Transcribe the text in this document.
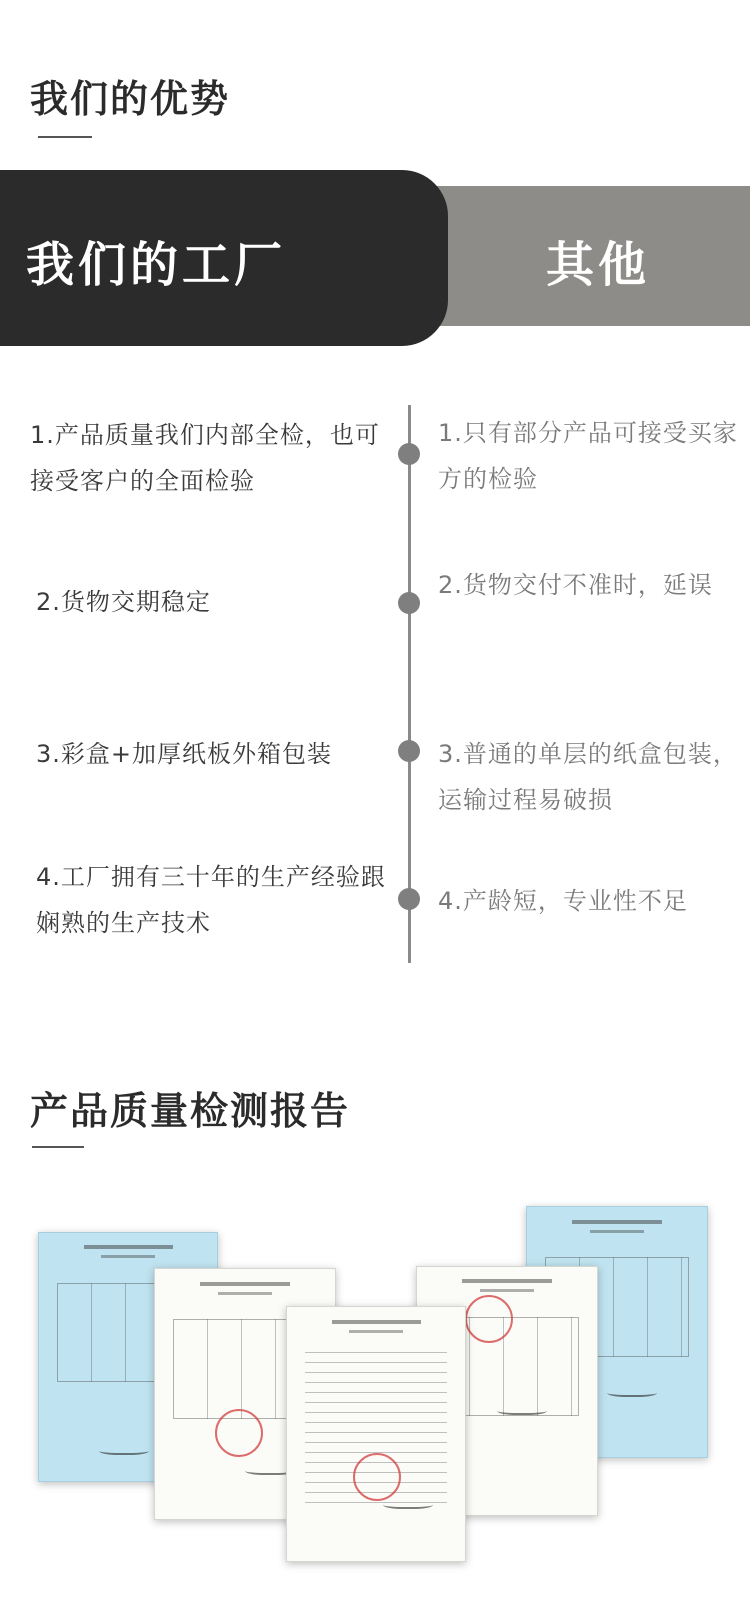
我们的优势
我们的工厂	其他

1.产品质量我们内部全检，也可接受客户的全面检验

2.货物交期稳定

3.彩盒+加厚纸板外箱包装

4.工厂拥有三十年的生产经验跟娴熟的生产技术

1.只有部分产品可接受买家方的检验

2.货物交付不准时，延误

3.普通的单层的纸盒包装，运输过程易破损

4.产龄短，专业性不足

产品质量检测报告
